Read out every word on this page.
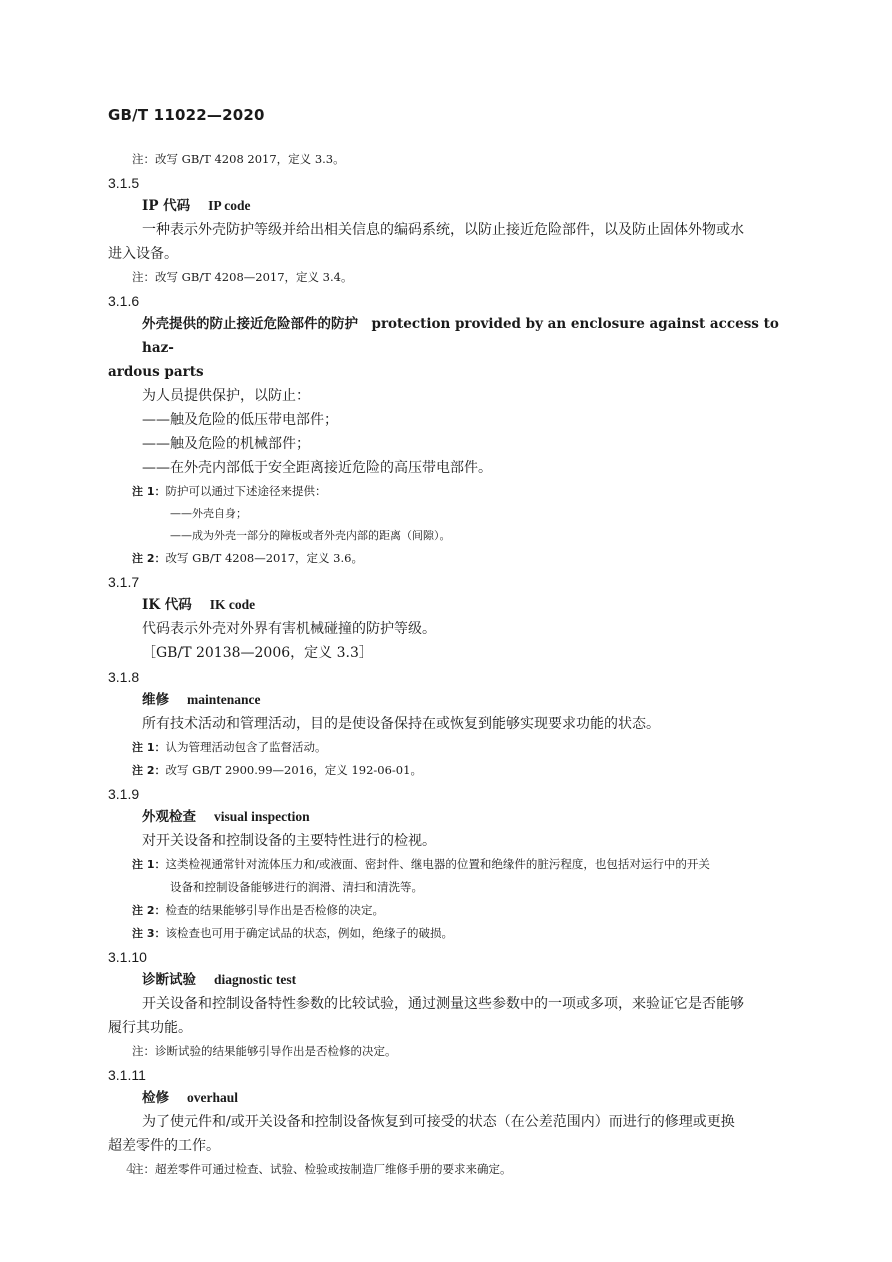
GB/T 11022—2020
注：改写 GB/T 4208 2017，定义 3.3。
3.1.5
IP 代码 IP code
一种表示外壳防护等级并给出相关信息的编码系统，以防止接近危险部件，以及防止固体外物或水
进入设备。
注：改写 GB/T 4208—2017，定义 3.4。
3.1.6
外壳提供的防止接近危险部件的防护　protection provided by an enclosure against access to haz-
ardous parts
为人员提供保护，以防止：
——触及危险的低压带电部件；
——触及危险的机械部件；
——在外壳内部低于安全距离接近危险的高压带电部件。
注 1：防护可以通过下述途径来提供：
——外壳自身；
——成为外壳一部分的障板或者外壳内部的距离（间隙）。
注 2：改写 GB/T 4208—2017，定义 3.6。
3.1.7
IK 代码 IK code
代码表示外壳对外界有害机械碰撞的防护等级。
［GB/T 20138—2006，定义 3.3］
3.1.8
维修 maintenance
所有技术活动和管理活动，目的是使设备保持在或恢复到能够实现要求功能的状态。
注 1：认为管理活动包含了监督活动。
注 2：改写 GB/T 2900.99—2016，定义 192-06-01。
3.1.9
外观检查 visual inspection
对开关设备和控制设备的主要特性进行的检视。
注 1：这类检视通常针对流体压力和/或液面、密封件、继电器的位置和绝缘件的脏污程度，也包括对运行中的开关
设备和控制设备能够进行的润滑、清扫和清洗等。
注 2：检查的结果能够引导作出是否检修的决定。
注 3：该检查也可用于确定试品的状态，例如，绝缘子的破损。
3.1.10
诊断试验 diagnostic test
开关设备和控制设备特性参数的比较试验，通过测量这些参数中的一项或多项，来验证它是否能够
履行其功能。
注：诊断试验的结果能够引导作出是否检修的决定。
3.1.11
检修 overhaul
为了使元件和/或开关设备和控制设备恢复到可接受的状态（在公差范围内）而进行的修理或更换
超差零件的工作。
注：超差零件可通过检查、试验、检验或按制造厂维修手册的要求来确定。
4
